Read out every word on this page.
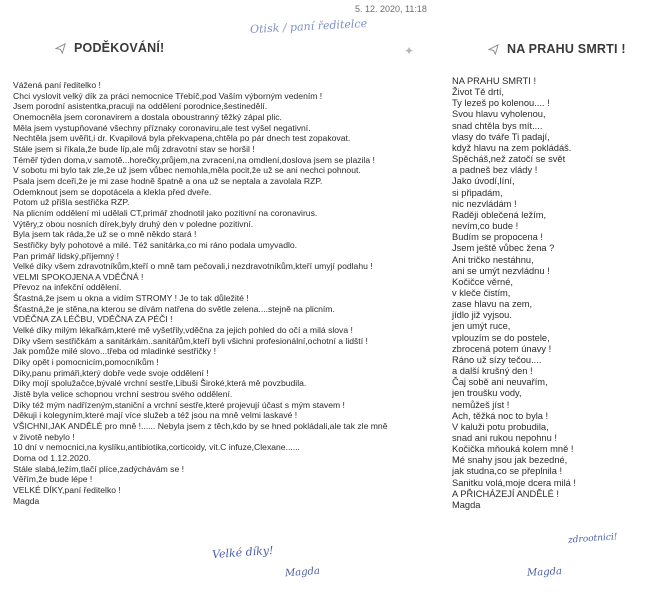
5. 12. 2020, 11:18
Otisk / paní ředitelce
PODĚKOVÁNÍ!	✦	NA PRAHU SMRTI !
Vážená paní ředitelko !
Chci vyslovit velký dík za práci nemocnice Třebíč,pod Vaším výborným vedením !
Jsem porodní asistentka,pracuji na oddělení porodnice,šestinedělí.
Onemocněla jsem coronavirem a dostala oboustranný těžký zápal plic.
Měla jsem vystupňované všechny příznaky coronaviru,ale test vyšel negativní.
Nechtěla jsem uvěřit,i dr. Kvapilová byla překvapena,chtěla po pár dnech test zopakovat.
Stále jsem si říkala,že bude líp,ale můj zdravotní stav se horšil !
Téměř týden doma,v samotě...horečky,průjem,na zvracení,na omdlení,doslova jsem se plazila !
V sobotu mi bylo tak zle,že už jsem vůbec nemohla,měla pocit,že už se ani nechci pohnout.
Psala jsem dceři,že je mi zase hodně špatně a ona už se neptala a zavolala RZP.
Odemknout jsem se dopotácela a klekla před dveře.
Potom už přišla sestřička RZP.
Na plicním oddělení mi udělali CT,primář zhodnotil jako pozitivní na coronavirus.
Výtěry,z obou nosních dírek,byly druhý den v poledne pozitivní.
Byla jsem tak ráda,že už se o mně někdo stará !
Sestřičky byly pohotové a milé. Též sanitárka,co mi ráno podala umyvadlo.
Pan primář lidský,příjemný !
Velké díky všem zdravotníkům,kteří o mně tam pečovali,i nezdravotníkům,kteří umyjí podlahu !
VELMI SPOKOJENA A VDĚČNÁ !
Převoz na infekční oddělení.
Šťastná,že jsem u okna a vidím STROMY ! Je to tak důležité !
Šťastná,že je stěna,na kterou se dívám natřena do světle zelena....stejně na plicním.
VDĚČNA ZA LÉČBU, VDĚČNA ZA PÉČI !
Velké díky milým lékařkám,které mě vyšetřily,vděčna za jejich pohled do očí a milá slova !
Díky všem sestřičkám a sanitárkám..sanitářům,kteří byli všichni profesionální,ochotní a lidští !
Jak pomůže milé slovo...třeba od mladinké sestřičky !
Díky opět i pomocnicím,pomocníkům !
Díky,panu primáři,který dobře vede svoje oddělení !
Díky mojí spolužačce,bývalé vrchní sestře,Libuši Široké,která mě povzbudila.
Jistě byla velice schopnou vrchní sestrou svého oddělení.
Díky též mým nadřízeným,staniční a vrchní sestře,které projevují účast s mým stavem !
Děkuji i kolegyním,které mají více služeb a též jsou na mně velmi laskavé !
VŠICHNI,JAK ANDĚLÉ pro mně !...... Nebyla jsem z těch,kdo by se hned pokládali,ale tak zle mně
v životě nebylo !
10 dní v nemocnici,na kyslíku,antibiotika,corticoidy, vit.C infuze,Clexane......
Doma od 1.12.2020.
Stále slabá,ležím,tlačí plíce,zadýchávám se !
Věřím,že bude lépe !
VELKÉ DÍKY,paní ředitelko !
Magda
NA PRAHU SMRTI !
Život Tě drtí,
Ty lezeš po kolenou.... !
Svou hlavu vyholenou,
snad chtěla bys mít....
vlasy do tváře Ti padají,
když hlavu na zem pokládáš.
Spěcháš,než zatočí se svět
a padneš bez vlády !
Jako úvodí,líní,
si připadám,
nic nezvládám !
Raději oblečená ležím,
nevím,co bude !
Budím se propocena !
Jsem ještě vůbec žena ?
Ani tričko nestáhnu,
ani se umýt nezvládnu !
Kočičce věrné,
v kleče čistím,
zase hlavu na zem,
jídlo již vyjsou.
jen umýt ruce,
vplouzím se do postele,
zbrocená potem únavy !
Ráno už sízy tečou....
a další krušný den !
Čaj sobě ani neuvařím,
jen troušku vody,
nemůžeš jíst !
Ach, těžká noc to byla !
V kaluži potu probudila,
snad ani rukou nepohnu !
Kočička mňouká kolem mně !
Mé snahy jsou jak bezedné,
jak studna,co se přeplnila !
Sanitku volá,moje dcera milá !
A PŘICHÁZEJÍ ANDĚLÉ !
Magda
Velké díky!
Magda
zdrootnici!
Magda
